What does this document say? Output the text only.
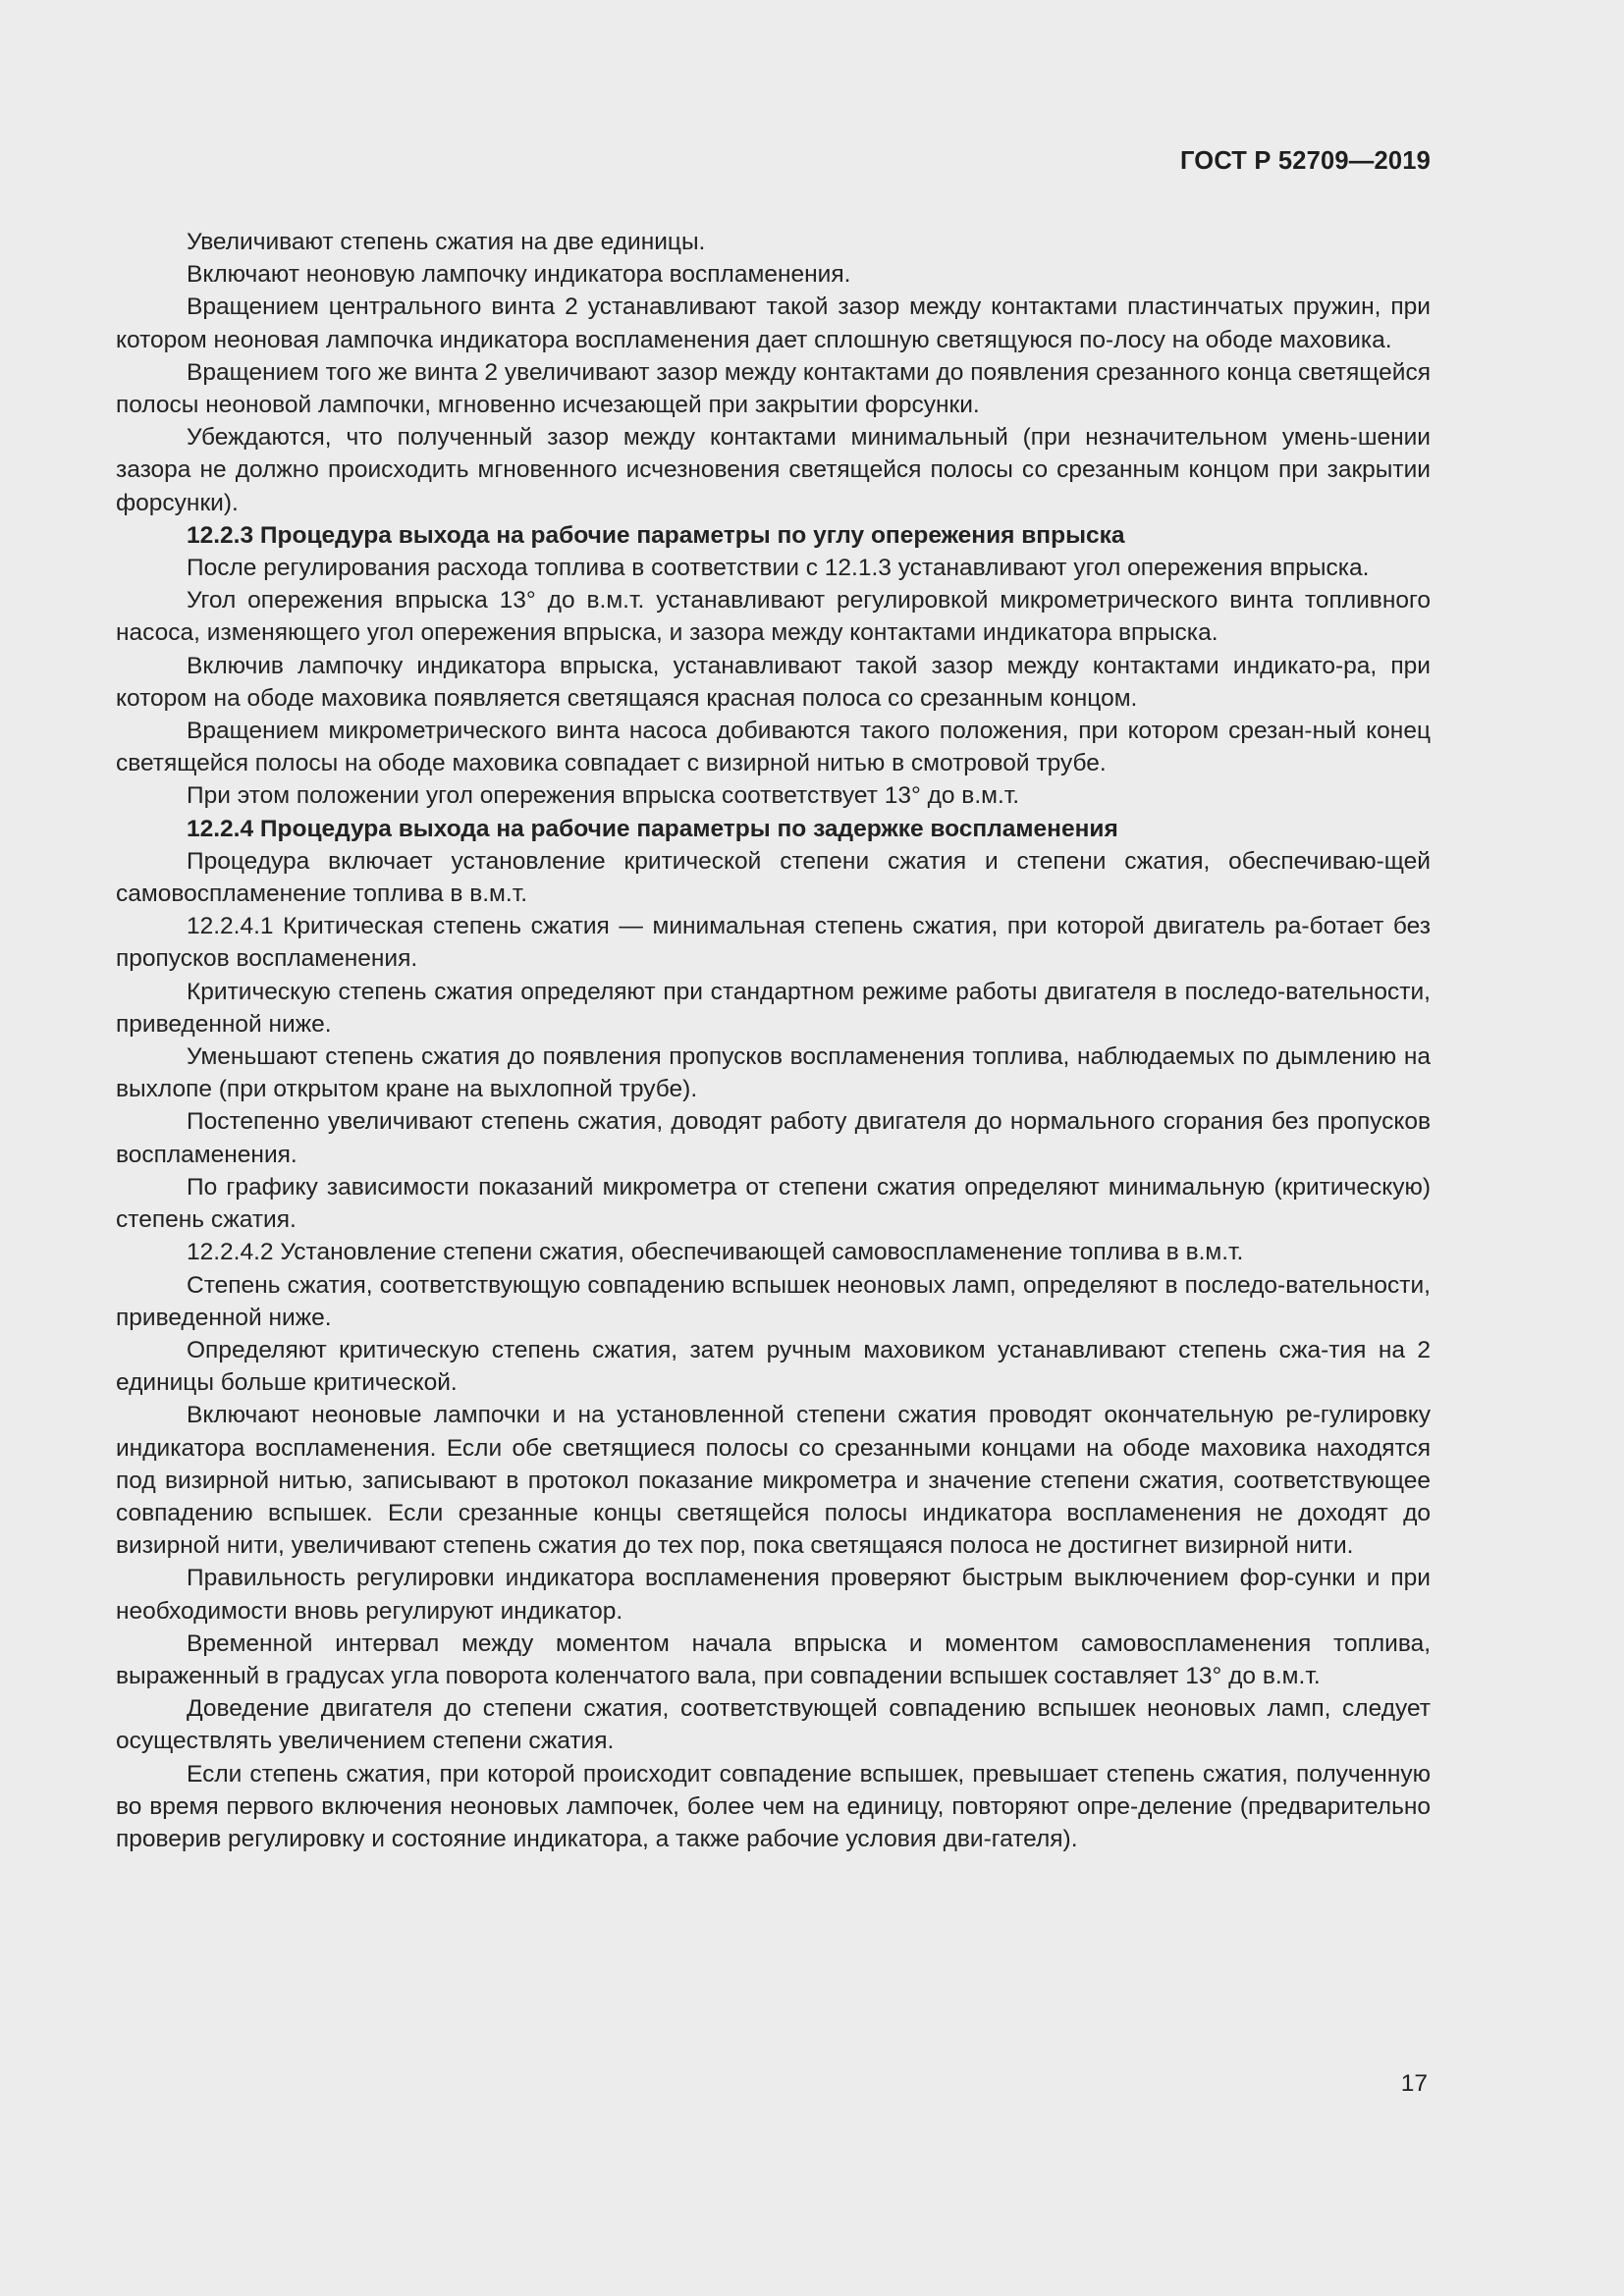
ГОСТ Р 52709—2019

Увеличивают степень сжатия на две единицы.

Включают неоновую лампочку индикатора воспламенения.

Вращением центрального винта 2 устанавливают такой зазор между контактами пластинчатых пружин, при котором неоновая лампочка индикатора воспламенения дает сплошную светящуюся по-лосу на ободе маховика.

Вращением того же винта 2 увеличивают зазор между контактами до появления срезанного конца светящейся полосы неоновой лампочки, мгновенно исчезающей при закрытии форсунки.

Убеждаются, что полученный зазор между контактами минимальный (при незначительном умень-шении зазора не должно происходить мгновенного исчезновения светящейся полосы со срезанным концом при закрытии форсунки).

12.2.3 Процедура выхода на рабочие параметры по углу опережения впрыска

После регулирования расхода топлива в соответствии с 12.1.3 устанавливают угол опережения впрыска.

Угол опережения впрыска 13° до в.м.т. устанавливают регулировкой микрометрического винта топливного насоса, изменяющего угол опережения впрыска, и зазора между контактами индикатора впрыска.

Включив лампочку индикатора впрыска, устанавливают такой зазор между контактами индикато-ра, при котором на ободе маховика появляется светящаяся красная полоса со срезанным концом.

Вращением микрометрического винта насоса добиваются такого положения, при котором срезан-ный конец светящейся полосы на ободе маховика совпадает с визирной нитью в смотровой трубе.

При этом положении угол опережения впрыска соответствует 13° до в.м.т.

12.2.4 Процедура выхода на рабочие параметры по задержке воспламенения

Процедура включает установление критической степени сжатия и степени сжатия, обеспечиваю-щей самовоспламенение топлива в в.м.т.

12.2.4.1 Критическая степень сжатия — минимальная степень сжатия, при которой двигатель ра-ботает без пропусков воспламенения.

Критическую степень сжатия определяют при стандартном режиме работы двигателя в последо-вательности, приведенной ниже.

Уменьшают степень сжатия до появления пропусков воспламенения топлива, наблюдаемых по дымлению на выхлопе (при открытом кране на выхлопной трубе).

Постепенно увеличивают степень сжатия, доводят работу двигателя до нормального сгорания без пропусков воспламенения.

По графику зависимости показаний микрометра от степени сжатия определяют минимальную (критическую) степень сжатия.

12.2.4.2 Установление степени сжатия, обеспечивающей самовоспламенение топлива в в.м.т.

Степень сжатия, соответствующую совпадению вспышек неоновых ламп, определяют в последо-вательности, приведенной ниже.

Определяют критическую степень сжатия, затем ручным маховиком устанавливают степень сжа-тия на 2 единицы больше критической.

Включают неоновые лампочки и на установленной степени сжатия проводят окончательную ре-гулировку индикатора воспламенения. Если обе светящиеся полосы со срезанными концами на ободе маховика находятся под визирной нитью, записывают в протокол показание микрометра и значение степени сжатия, соответствующее совпадению вспышек. Если срезанные концы светящейся полосы индикатора воспламенения не доходят до визирной нити, увеличивают степень сжатия до тех пор, пока светящаяся полоса не достигнет визирной нити.

Правильность регулировки индикатора воспламенения проверяют быстрым выключением фор-сунки и при необходимости вновь регулируют индикатор.

Временной интервал между моментом начала впрыска и моментом самовоспламенения топлива, выраженный в градусах угла поворота коленчатого вала, при совпадении вспышек составляет 13° до в.м.т.

Доведение двигателя до степени сжатия, соответствующей совпадению вспышек неоновых ламп, следует осуществлять увеличением степени сжатия.

Если степень сжатия, при которой происходит совпадение вспышек, превышает степень сжатия, полученную во время первого включения неоновых лампочек, более чем на единицу, повторяют опре-деление (предварительно проверив регулировку и состояние индикатора, а также рабочие условия дви-гателя).

17
